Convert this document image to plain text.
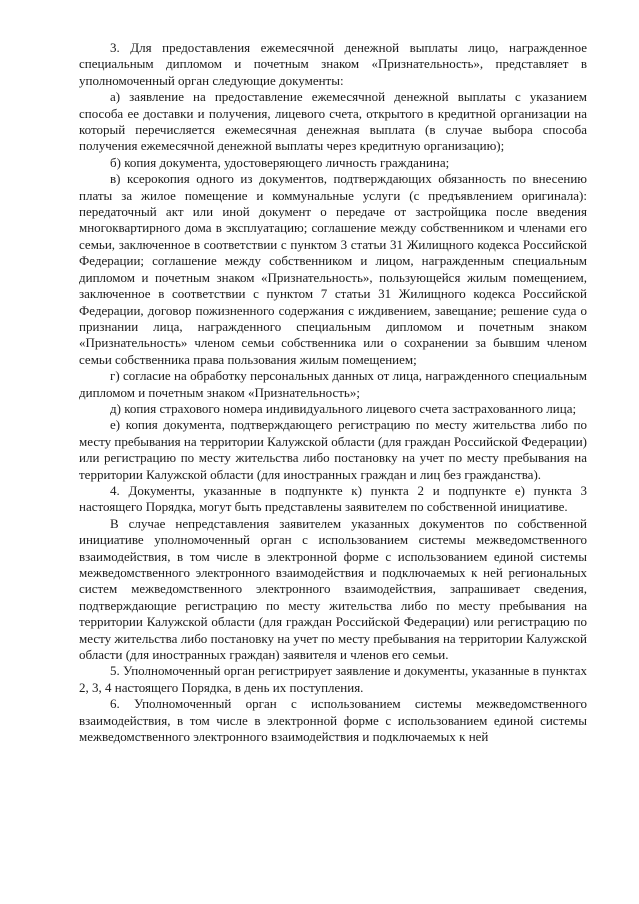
3. Для предоставления ежемесячной денежной выплаты лицо, награжденное специальным дипломом и почетным знаком «Признательность», представляет в уполномоченный орган следующие документы:

а) заявление на предоставление ежемесячной денежной выплаты с указанием способа ее доставки и получения, лицевого счета, открытого в кредитной организации на который перечисляется ежемесячная денежная выплата (в случае выбора способа получения ежемесячной денежной выплаты через кредитную организацию);

б) копия документа, удостоверяющего личность гражданина;

в) ксерокопия одного из документов, подтверждающих обязанность по внесению платы за жилое помещение и коммунальные услуги (с предъявлением оригинала): передаточный акт или иной документ о передаче от застройщика после введения многоквартирного дома в эксплуатацию; соглашение между собственником и членами его семьи, заключенное в соответствии с пунктом 3 статьи 31 Жилищного кодекса Российской Федерации; соглашение между собственником и лицом, награжденным специальным дипломом и почетным знаком «Признательность», пользующейся жилым помещением, заключенное в соответствии с пунктом 7 статьи 31 Жилищного кодекса Российской Федерации, договор пожизненного содержания с иждивением, завещание; решение суда о признании лица, награжденного специальным дипломом и почетным знаком «Признательность» членом семьи собственника или о сохранении за бывшим членом семьи собственника права пользования жилым помещением;

г) согласие на обработку персональных данных от лица, награжденного специальным дипломом и почетным знаком «Признательность»;

д) копия страхового номера индивидуального лицевого счета застрахованного лица;

е) копия документа, подтверждающего регистрацию по месту жительства либо по месту пребывания на территории Калужской области (для граждан Российской Федерации) или регистрацию по месту жительства либо постановку на учет по месту пребывания на территории Калужской области (для иностранных граждан и лиц без гражданства).

4. Документы, указанные в подпункте к) пункта 2 и подпункте е) пункта 3 настоящего Порядка, могут быть представлены заявителем по собственной инициативе.

В случае непредставления заявителем указанных документов по собственной инициативе уполномоченный орган с использованием системы межведомственного взаимодействия, в том числе в электронной форме с использованием единой системы межведомственного электронного взаимодействия и подключаемых к ней региональных систем межведомственного электронного взаимодействия, запрашивает сведения, подтверждающие регистрацию по месту жительства либо по месту пребывания на территории Калужской области (для граждан Российской Федерации) или регистрацию по месту жительства либо постановку на учет по месту пребывания на территории Калужской области (для иностранных граждан) заявителя и членов его семьи.

5. Уполномоченный орган регистрирует заявление и документы, указанные в пунктах 2, 3, 4 настоящего Порядка, в день их поступления.

6. Уполномоченный орган с использованием системы межведомственного взаимодействия, в том числе в электронной форме с использованием единой системы межведомственного электронного взаимодействия и подключаемых к ней
